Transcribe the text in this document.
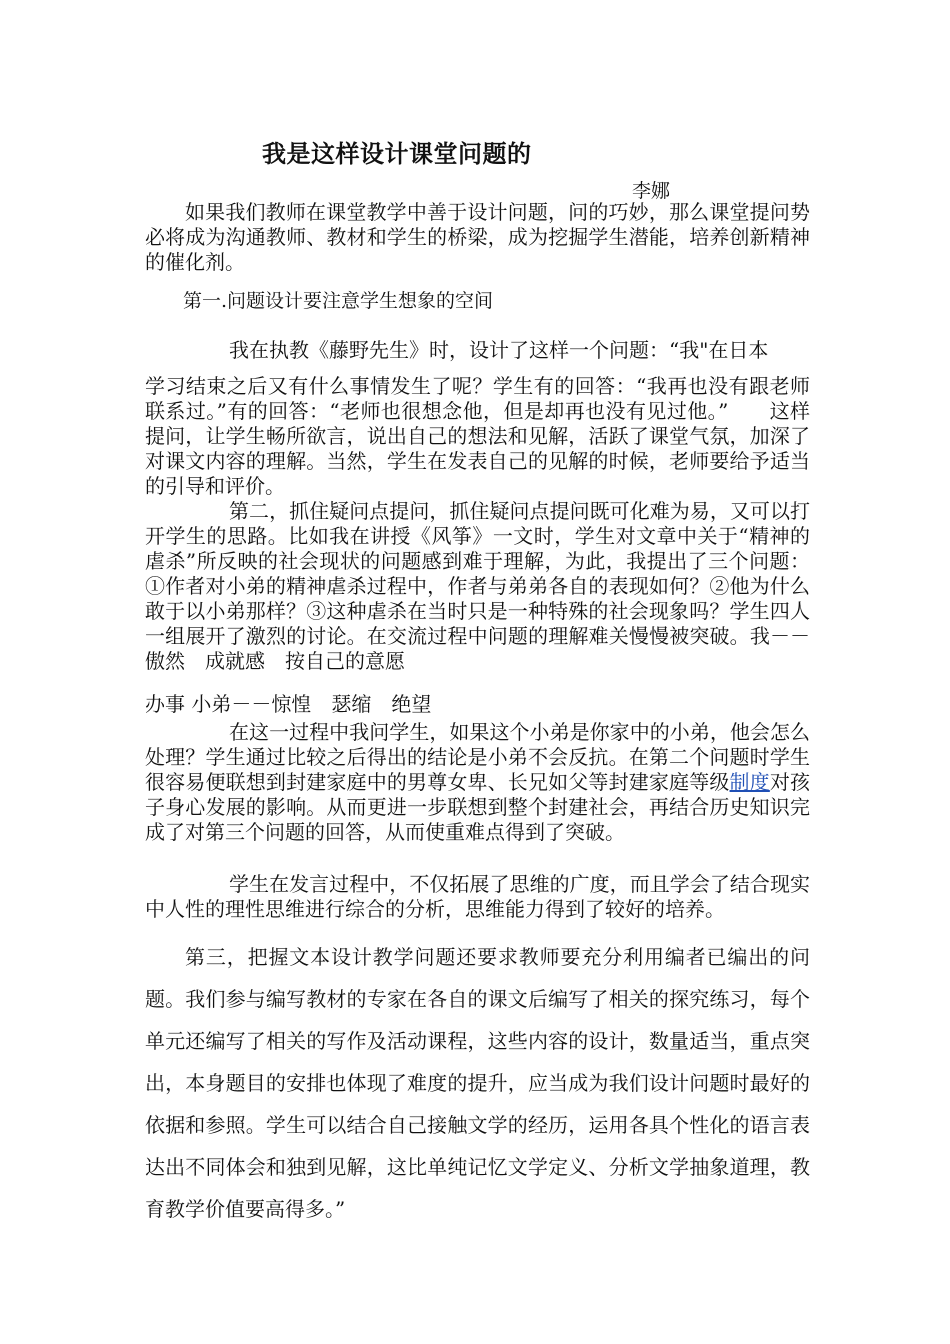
我是这样设计课堂问题的
李娜
如果我们教师在课堂教学中善于设计问题，问的巧妙，那么课堂提问势必将成为沟通教师、教材和学生的桥梁，成为挖掘学生潜能，培养创新精神的催化剂。
第一.问题设计要注意学生想象的空间
我在执教《藤野先生》时，设计了这样一个问题：“我"在日本
学习结束之后又有什么事情发生了呢？学生有的回答：“我再也没有跟老师联系过。”有的回答：“老师也很想念他，但是却再也没有见过他。”　　这样提问，让学生畅所欲言，说出自己的想法和见解，活跃了课堂气氛，加深了对课文内容的理解。当然，学生在发表自己的见解的时候，老师要给予适当的引导和评价。
第二，抓住疑问点提问，抓住疑问点提问既可化难为易，又可以打开学生的思路。比如我在讲授《风筝》一文时，学生对文章中关于“精神的虐杀”所反映的社会现状的问题感到难于理解，为此，我提出了三个问题：①作者对小弟的精神虐杀过程中，作者与弟弟各自的表现如何？②他为什么敢于以小弟那样？③这种虐杀在当时只是一种特殊的社会现象吗？学生四人一组展开了激烈的讨论。在交流过程中问题的理解难关慢慢被突破。我－－傲然　成就感　按自己的意愿
办事 小弟－－惊惶　瑟缩　绝望
在这一过程中我问学生，如果这个小弟是你家中的小弟，他会怎么处理？学生通过比较之后得出的结论是小弟不会反抗。在第二个问题时学生很容易便联想到封建家庭中的男尊女卑、长兄如父等封建家庭等级制度对孩子身心发展的影响。从而更进一步联想到整个封建社会，再结合历史知识完成了对第三个问题的回答，从而使重难点得到了突破。
学生在发言过程中，不仅拓展了思维的广度，而且学会了结合现实中人性的理性思维进行综合的分析，思维能力得到了较好的培养。
第三，把握文本设计教学问题还要求教师要充分利用编者已编出的问题。我们参与编写教材的专家在各自的课文后编写了相关的探究练习，每个单元还编写了相关的写作及活动课程，这些内容的设计，数量适当，重点突出，本身题目的安排也体现了难度的提升，应当成为我们设计问题时最好的依据和参照。学生可以结合自己接触文学的经历，运用各具个性化的语言表达出不同体会和独到见解，这比单纯记忆文学定义、分析文学抽象道理，教育教学价值要高得多。”
